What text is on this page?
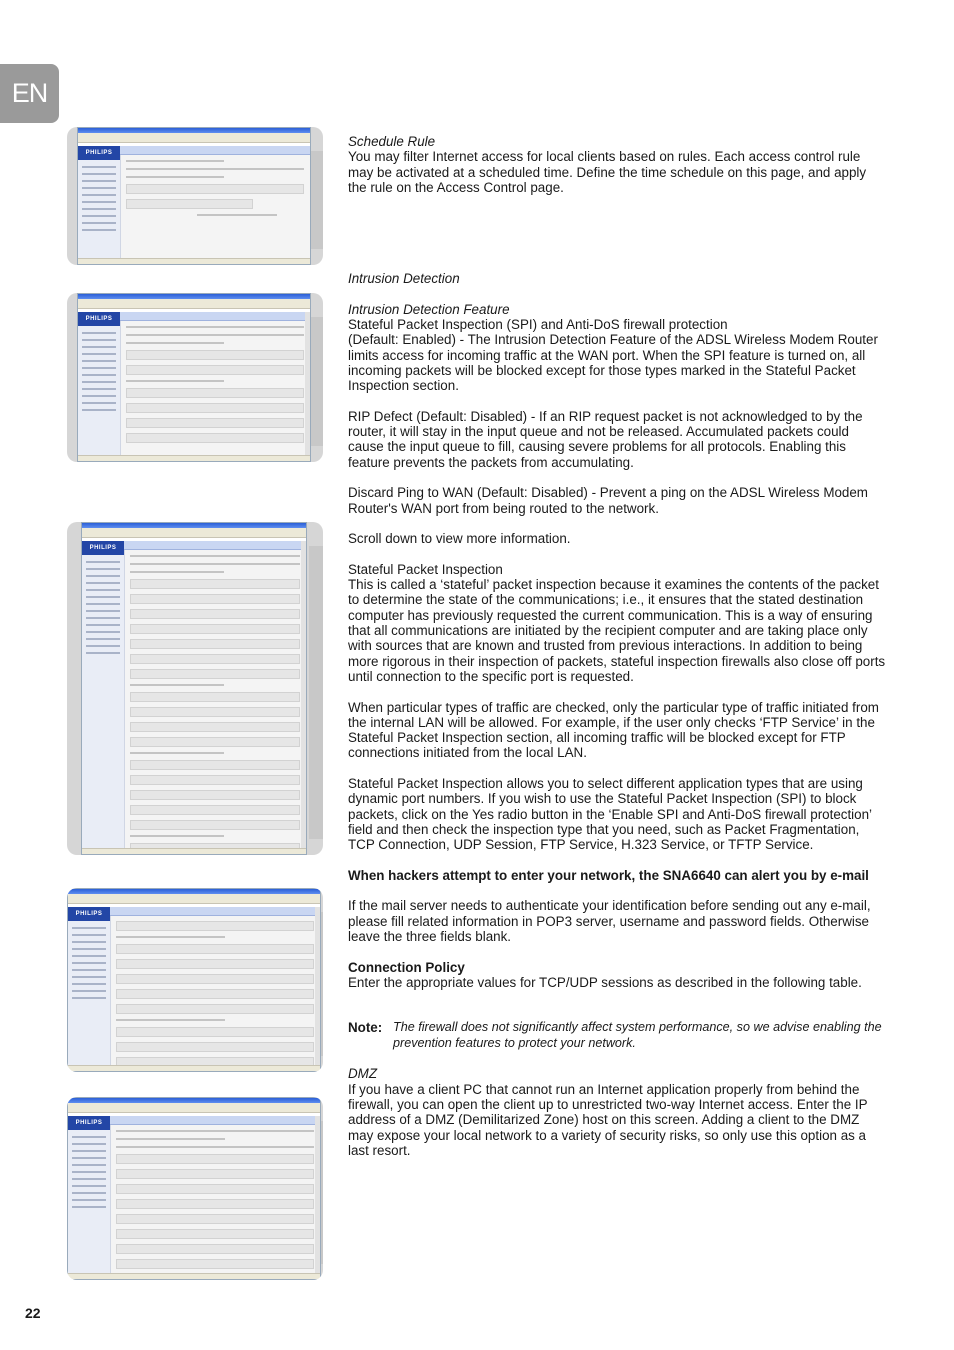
EN
PHILIPS
PHILIPS
PHILIPS
PHILIPS
PHILIPS

Schedule Rule

You may filter Internet access for local clients based on rules. Each access control rule may be activated at a scheduled time. Define the time schedule on this page, and apply the rule on the Access Control page.

Intrusion Detection

Intrusion Detection Feature

Stateful Packet Inspection (SPI) and Anti-DoS firewall protection

(Default: Enabled) - The Intrusion Detection Feature of the ADSL Wireless Modem Router limits access for incoming traffic at the WAN port. When the SPI feature is turned on, all incoming packets will be blocked except for those types marked in the Stateful Packet Inspection section.

RIP Defect (Default: Disabled) - If an RIP request packet is not acknowledged to by the router, it will stay in the input queue and not be released. Accumulated packets could cause the input queue to fill, causing severe problems for all protocols. Enabling this feature prevents the packets from accumulating.

Discard Ping to WAN (Default: Disabled) - Prevent a ping on the ADSL Wireless Modem Router's WAN port from being routed to the network.

Scroll down to view more information.

Stateful Packet Inspection

This is called a ‘stateful’ packet inspection because it examines the contents of the packet to determine the state of the communications; i.e., it ensures that the stated destination computer has previously requested the current communication. This is a way of ensuring that all communications are initiated by the recipient computer and are taking place only with sources that are known and trusted from previous interactions. In addition to being more rigorous in their inspection of packets, stateful inspection firewalls also close off ports until connection to the specific port is requested.

When particular types of traffic are checked, only the particular type of traffic initiated from the internal LAN will be allowed. For example, if the user only checks ‘FTP Service’ in the Stateful Packet Inspection section, all incoming traffic will be blocked except for FTP connections initiated from the local LAN.

Stateful Packet Inspection allows you to select different application types that are using dynamic port numbers. If you wish to use the Stateful Packet Inspection (SPI) to block packets, click on the Yes radio button in the ‘Enable SPI and Anti-DoS firewall protection’ field and then check the inspection type that you need, such as Packet Fragmentation, TCP Connection, UDP Session, FTP Service, H.323 Service, or TFTP Service.

When hackers attempt to enter your network, the SNA6640 can alert you by e-mail

If the mail server needs to authenticate your identification before sending out any e-mail, please fill related information in POP3 server, username and password fields. Otherwise leave the three fields blank.

Connection Policy

Enter the appropriate values for TCP/UDP sessions as described in the following table.

Note: The firewall does not significantly affect system performance, so we advise enabling the prevention features to protect your network.

DMZ

If you have a client PC that cannot run an Internet application properly from behind the firewall, you can open the client up to unrestricted two-way Internet access. Enter the IP address of a DMZ (Demilitarized Zone) host on this screen. Adding a client to the DMZ may expose your local network to a variety of security risks, so only use this option as a last resort.

22
